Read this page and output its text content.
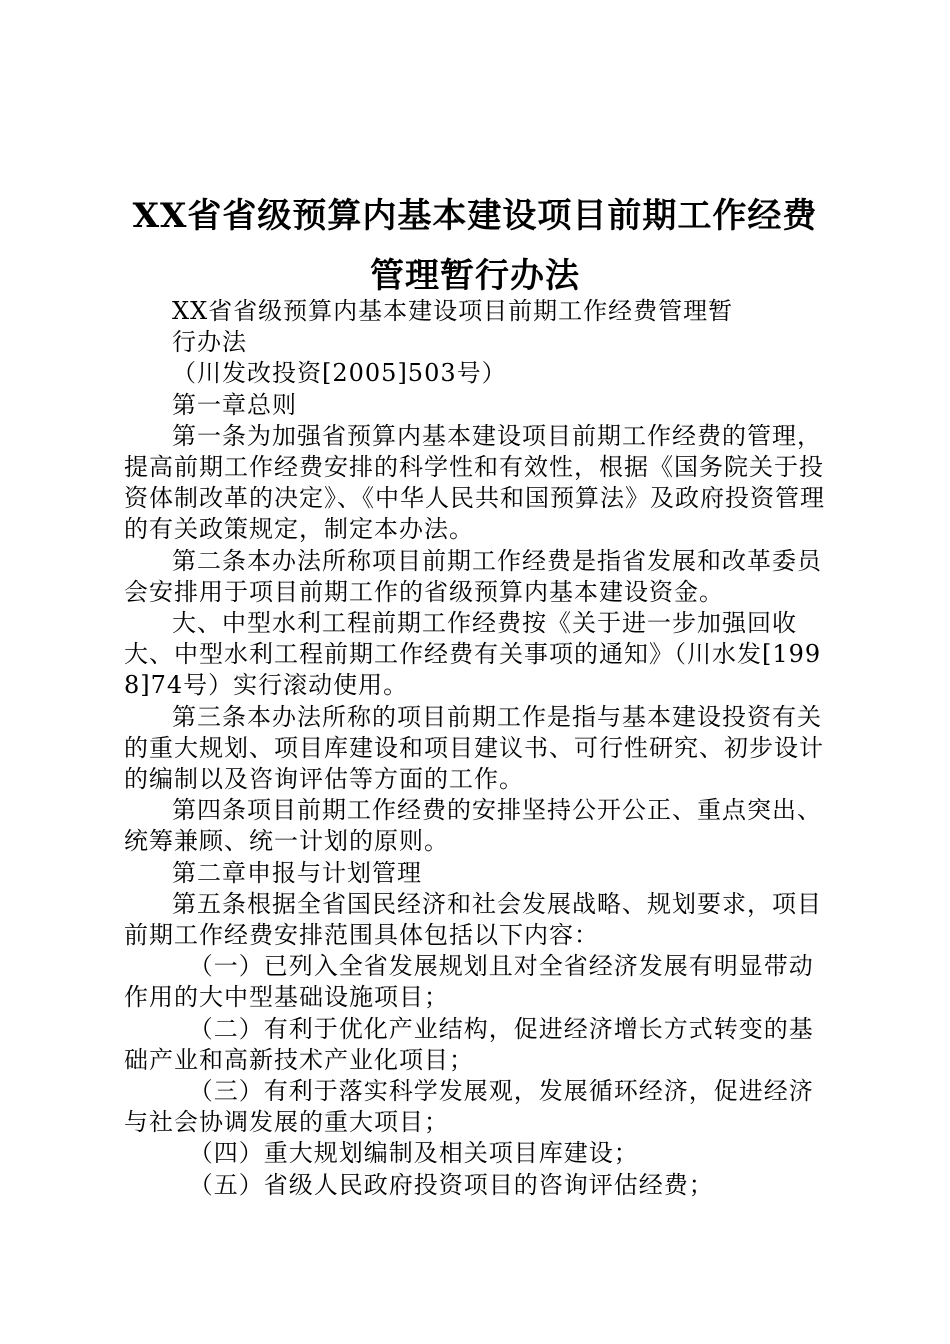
XX省省级预算内基本建设项目前期工作经费
管理暂行办法

XX省省级预算内基本建设项目前期工作经费管理暂

行办法

（川发改投资[2005]503号）

第一章总则

第一条为加强省预算内基本建设项目前期工作经费的管理，提高前期工作经费安排的科学性和有效性，根据《国务院关于投资体制改革的决定》、《中华人民共和国预算法》及政府投资管理的有关政策规定，制定本办法。

第二条本办法所称项目前期工作经费是指省发展和改革委员会安排用于项目前期工作的省级预算内基本建设资金。

大、中型水利工程前期工作经费按《关于进一步加强回收大、中型水利工程前期工作经费有关事项的通知》（川水发[1998]74号）实行滚动使用。

第三条本办法所称的项目前期工作是指与基本建设投资有关的重大规划、项目库建设和项目建议书、可行性研究、初步设计的编制以及咨询评估等方面的工作。

第四条项目前期工作经费的安排坚持公开公正、重点突出、统筹兼顾、统一计划的原则。

第二章申报与计划管理

第五条根据全省国民经济和社会发展战略、规划要求，项目前期工作经费安排范围具体包括以下内容：

（一）已列入全省发展规划且对全省经济发展有明显带动作用的大中型基础设施项目；

（二）有利于优化产业结构，促进经济增长方式转变的基础产业和高新技术产业化项目；

（三）有利于落实科学发展观，发展循环经济，促进经济与社会协调发展的重大项目；

（四）重大规划编制及相关项目库建设；

（五）省级人民政府投资项目的咨询评估经费；
